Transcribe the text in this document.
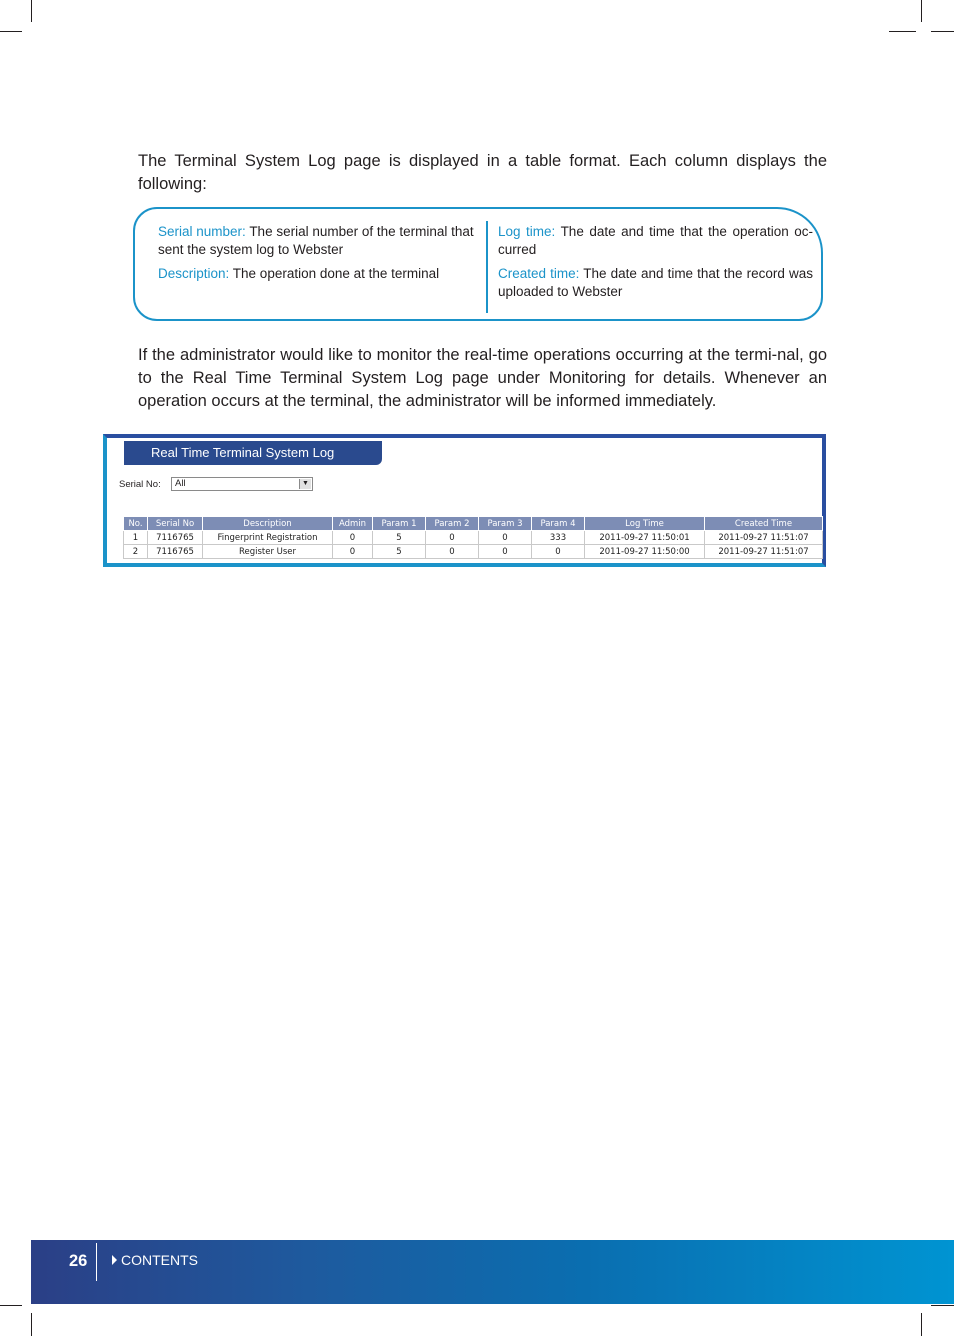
The Terminal System Log page is displayed in a table format. Each column displays the following:

Serial number: The serial number of the terminal that sent the system log to Webster

Description: The operation done at the terminal

Log time: The date and time that the operation oc-curred

Created time: The date and time that the record was uploaded to Webster

If the administrator would like to monitor the real-time operations occurring at the termi-nal, go to the Real Time Terminal System Log page under Monitoring for details. Whenever an operation occurs at the terminal, the administrator will be informed immediately.

Real Time Terminal System Log
Serial No:	All	▼
No.	Serial No	Description	Admin	Param 1	Param 2	Param 3	Param 4	Log Time	Created Time
1	7116765	Fingerprint Registration	0	5	0	0	333	2011-09-27 11:50:01	2011-09-27 11:51:07
2	7116765	Register User	0	5	0	0	0	2011-09-27 11:50:00	2011-09-27 11:51:07
26	CONTENTS
